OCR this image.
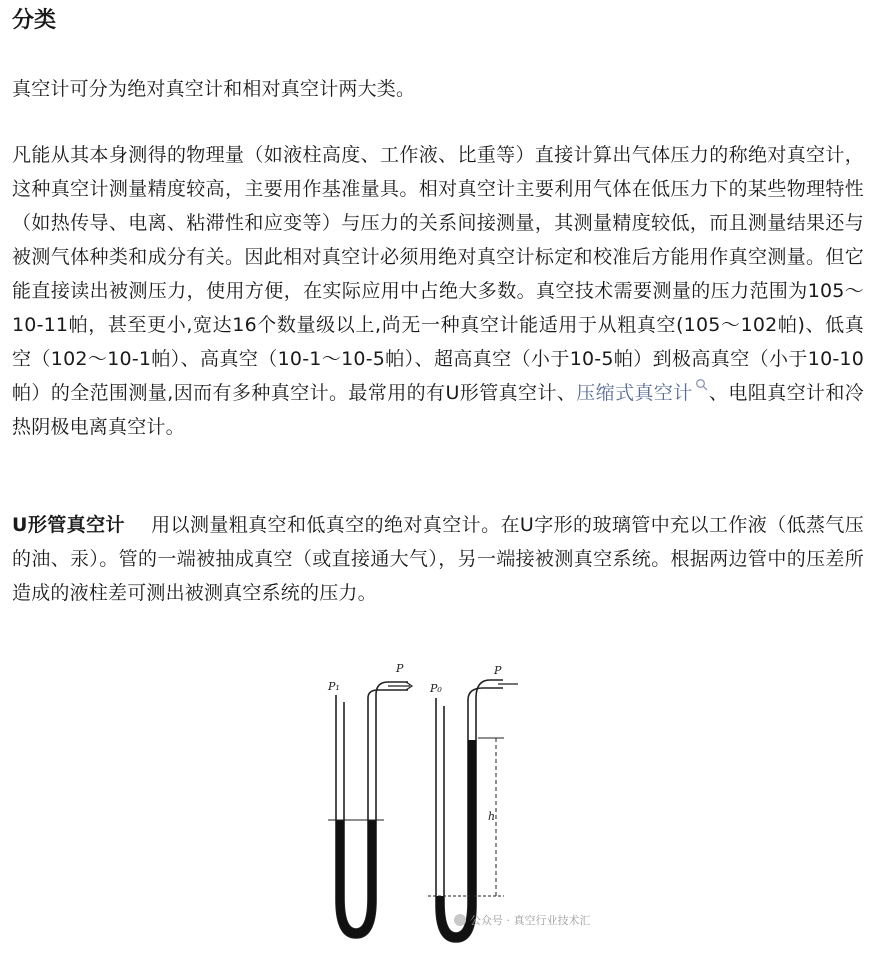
分类

真空计可分为绝对真空计和相对真空计两大类。

凡能从其本身测得的物理量（如液柱高度、工作液、比重等）直接计算出气体压力的称绝对真空计，这种真空计测量精度较高，主要用作基准量具。相对真空计主要利用气体在低压力下的某些物理特性（如热传导、电离、粘滞性和应变等）与压力的关系间接测量，其测量精度较低，而且测量结果还与被测气体种类和成分有关。因此相对真空计必须用绝对真空计标定和校准后方能用作真空测量。但它能直接读出被测压力，使用方便，在实际应用中占绝大多数。真空技术需要测量的压力范围为105～10-11帕，甚至更小,宽达16个数量级以上,尚无一种真空计能适用于从粗真空(105～102帕)、低真空（102～10-1帕）、高真空（10-1～10-5帕）、超高真空（小于10-5帕）到极高真空（小于10-10帕）的全范围测量,因而有多种真空计。最常用的有U形管真空计、压缩式真空计 、电阻真空计和冷热阴极电离真空计。

U形管真空计 用以测量粗真空和低真空的绝对真空计。在U字形的玻璃管中充以工作液（低蒸气压的油、汞）。管的一端被抽成真空（或直接通大气），另一端接被测真空系统。根据两边管中的压差所造成的液柱差可测出被测真空系统的压力。

P
P₁	P₀
P
h
公众号 · 真空行业技术汇
